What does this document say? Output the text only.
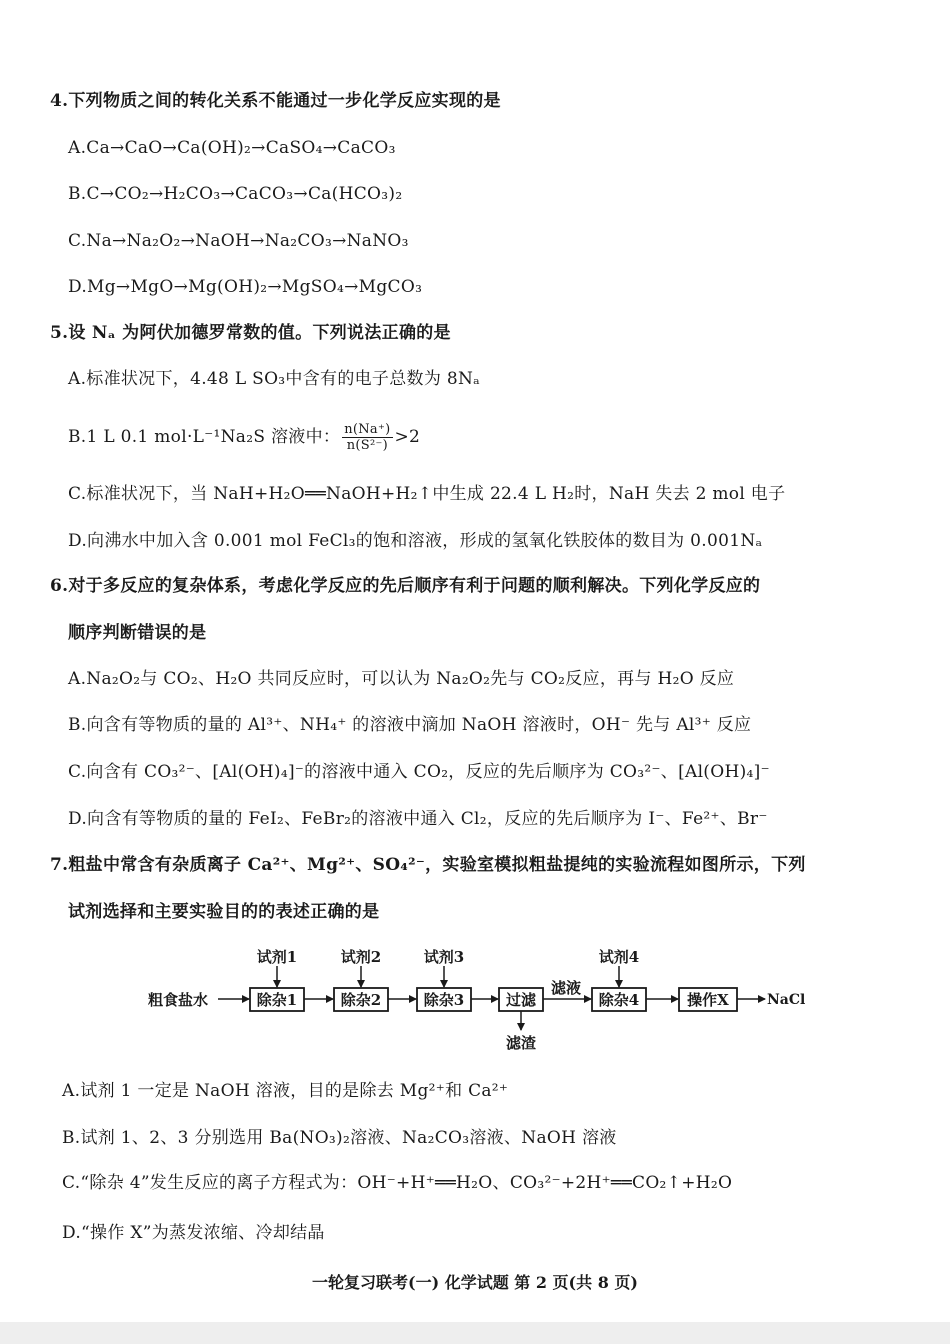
4.下列物质之间的转化关系不能通过一步化学反应实现的是
A.Ca→CaO→Ca(OH)₂→CaSO₄→CaCO₃
B.C→CO₂→H₂CO₃→CaCO₃→Ca(HCO₃)₂
C.Na→Na₂O₂→NaOH→Na₂CO₃→NaNO₃
D.Mg→MgO→Mg(OH)₂→MgSO₄→MgCO₃
5.设 Nₐ 为阿伏加德罗常数的值。下列说法正确的是
A.标准状况下，4.48 L SO₃中含有的电子总数为 8Nₐ
B.1 L 0.1 mol·L⁻¹Na₂S 溶液中： $\frac{n(Na^+)}{\text{n(S²⁻)}} >2$
C.标准状况下，当 NaH+H₂O══NaOH+H₂↑中生成 22.4 L H₂时，NaH 失去 2 mol 电子
D.向沸水中加入含 0.001 mol FeCl₃的饱和溶液，形成的氢氧化铁胶体的数目为 0.001Nₐ
6.对于多反应的复杂体系，考虑化学反应的先后顺序有利于问题的顺利解决。下列化学反应的
顺序判断错误的是
A.Na₂O₂与 CO₂、H₂O 共同反应时，可以认为 Na₂O₂先与 CO₂反应，再与 H₂O 反应
B.向含有等物质的量的 Al³⁺、NH₄⁺ 的溶液中滴加 NaOH 溶液时，OH⁻ 先与 Al³⁺ 反应
C.向含有 CO₃²⁻、[Al(OH)₄]⁻的溶液中通入 CO₂，反应的先后顺序为 CO₃²⁻、[Al(OH)₄]⁻
D.向含有等物质的量的 FeI₂、FeBr₂的溶液中通入 Cl₂，反应的先后顺序为 I⁻、Fe²⁺、Br⁻
7.粗盐中常含有杂质离子 Ca²⁺、Mg²⁺、SO₄²⁻，实验室模拟粗盐提纯的实验流程如图所示，下列
试剂选择和主要实验目的的表述正确的是
粗食盐水	除杂1	除杂2	除杂3	过滤
滤液
滤渣
除杂4	操作X	NaCl
试剂1	试剂2	试剂3	试剂4
A.试剂 1 一定是 NaOH 溶液，目的是除去 Mg²⁺和 Ca²⁺
B.试剂 1、2、3 分别选用 Ba(NO₃)₂溶液、Na₂CO₃溶液、NaOH 溶液
C.“除杂 4”发生反应的离子方程式为：OH⁻+H⁺══H₂O、CO₃²⁻+2H⁺══CO₂↑+H₂O
D.“操作 X”为蒸发浓缩、冷却结晶
一轮复习联考(一) 化学试题 第 2 页(共 8 页)
